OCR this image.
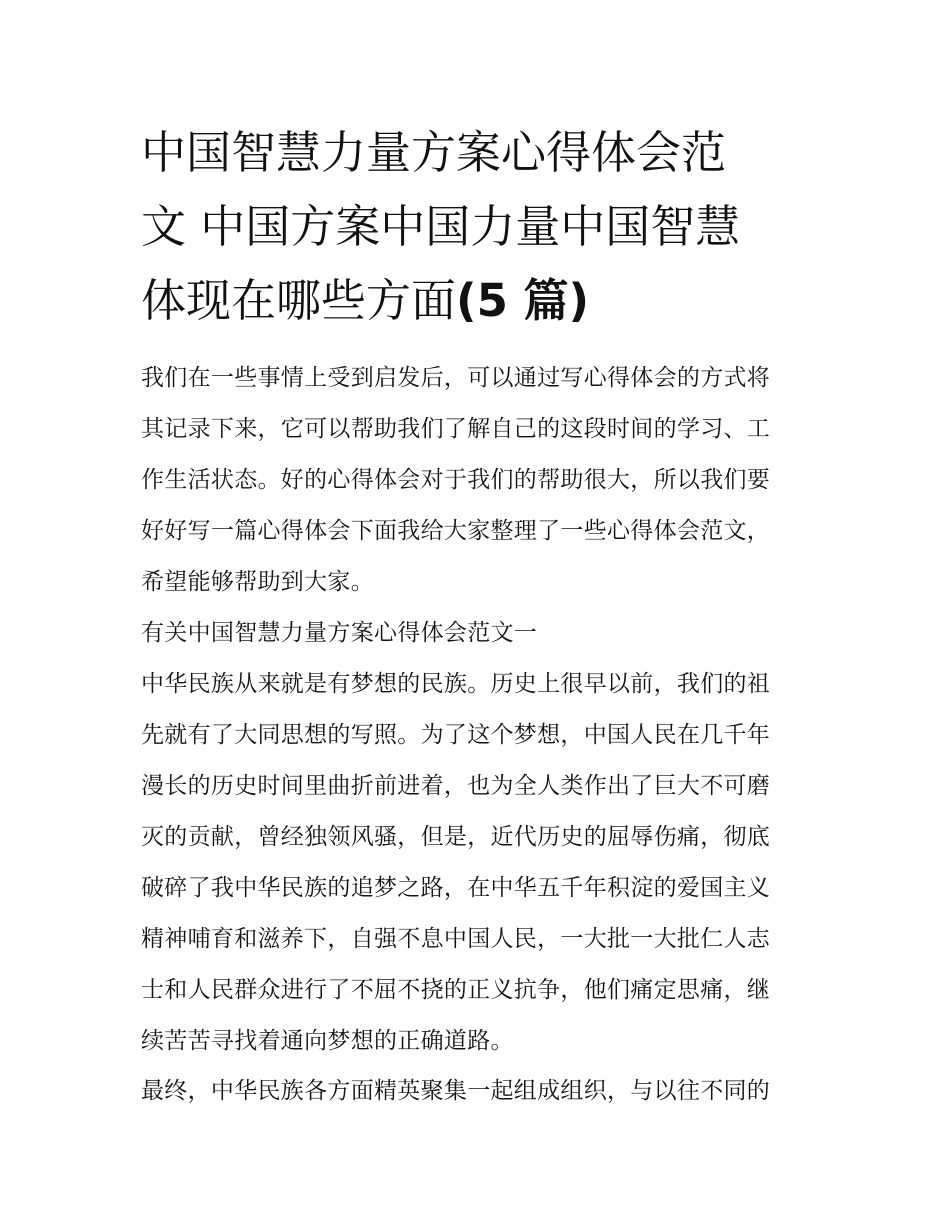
中国智慧力量方案心得体会范
文 中国方案中国力量中国智慧
体现在哪些方面(5 篇)

我们在一些事情上受到启发后，可以通过写心得体会的方式将
其记录下来，它可以帮助我们了解自己的这段时间的学习、工
作生活状态。好的心得体会对于我们的帮助很大，所以我们要
好好写一篇心得体会下面我给大家整理了一些心得体会范文，
希望能够帮助到大家。

有关中国智慧力量方案心得体会范文一

中华民族从来就是有梦想的民族。历史上很早以前，我们的祖
先就有了大同思想的写照。为了这个梦想，中国人民在几千年
漫长的历史时间里曲折前进着，也为全人类作出了巨大不可磨
灭的贡献，曾经独领风骚，但是，近代历史的屈辱伤痛，彻底
破碎了我中华民族的追梦之路，在中华五千年积淀的爱国主义
精神哺育和滋养下，自强不息中国人民，一大批一大批仁人志
士和人民群众进行了不屈不挠的正义抗争，他们痛定思痛，继
续苦苦寻找着通向梦想的正确道路。

最终，中华民族各方面精英聚集一起组成组织，与以往不同的
